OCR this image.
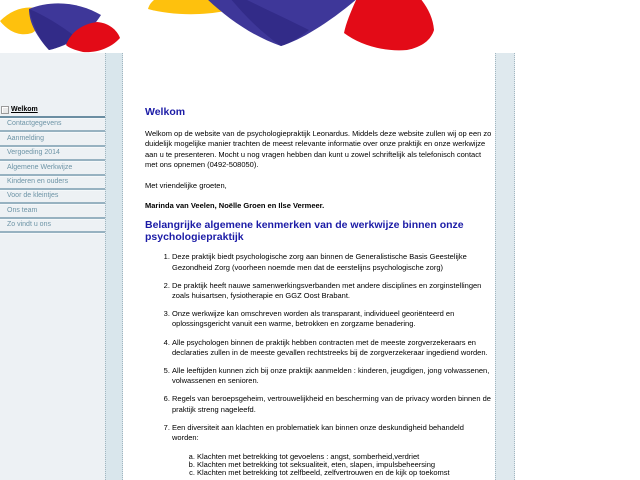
Welkom
Contactgegevens
Aanmelding
Vergoeding 2014
Algemene Werkwijze
Kinderen en ouders
Voor de kleintjes
Ons team
Zo vindt u ons
Welkom

Welkom op de website van de psychologiepraktijk Leonardus. Middels deze website zullen wij op een zo duidelijk mogelijke manier trachten de meest relevante informatie over onze praktijk en onze werkwijze aan u te presenteren. Mocht u nog vragen hebben dan kunt u zowel schriftelijk als telefonisch contact met ons opnemen (0492-508050).

Met vriendelijke groeten,

Marinda van Veelen, Noëlle Groen en Ilse Vermeer.

Belangrijke algemene kenmerken van de werkwijze binnen onze psychologiepraktijk
1. Deze praktijk biedt psychologische zorg aan binnen de Generalistische Basis Geestelijke Gezondheid Zorg (voorheen noemde men dat de eerstelijns psychologische zorg)
2. De praktijk heeft nauwe samenwerkingsverbanden met andere disciplines en zorginstellingen zoals huisartsen, fysiotherapie en GGZ Oost Brabant.
3. Onze werkwijze kan omschreven worden als transparant, individueel georiënteerd en oplossingsgericht vanuit een warme, betrokken en zorgzame benadering.
4. Alle psychologen binnen de praktijk hebben contracten met de meeste zorgverzekeraars en declaraties zullen in de meeste gevallen rechtstreeks bij de zorgverzekeraar ingediend worden.
5. Alle leeftijden kunnen zich bij onze praktijk aanmelden : kinderen, jeugdigen, jong volwassenen, volwassenen en senioren.
6. Regels van beroepsgeheim, vertrouwelijkheid en bescherming van de privacy worden binnen de praktijk streng nageleefd.
7. Een diversiteit aan klachten en problematiek kan binnen onze deskundigheid behandeld worden:
a. Klachten met betrekking tot gevoelens : angst, somberheid,verdriet
b. Klachten met betrekking tot seksualiteit, eten, slapen, impulsbeheersing
c. Klachten met betrekking tot zelfbeeld, zelfvertrouwen en de kijk op toekomst
